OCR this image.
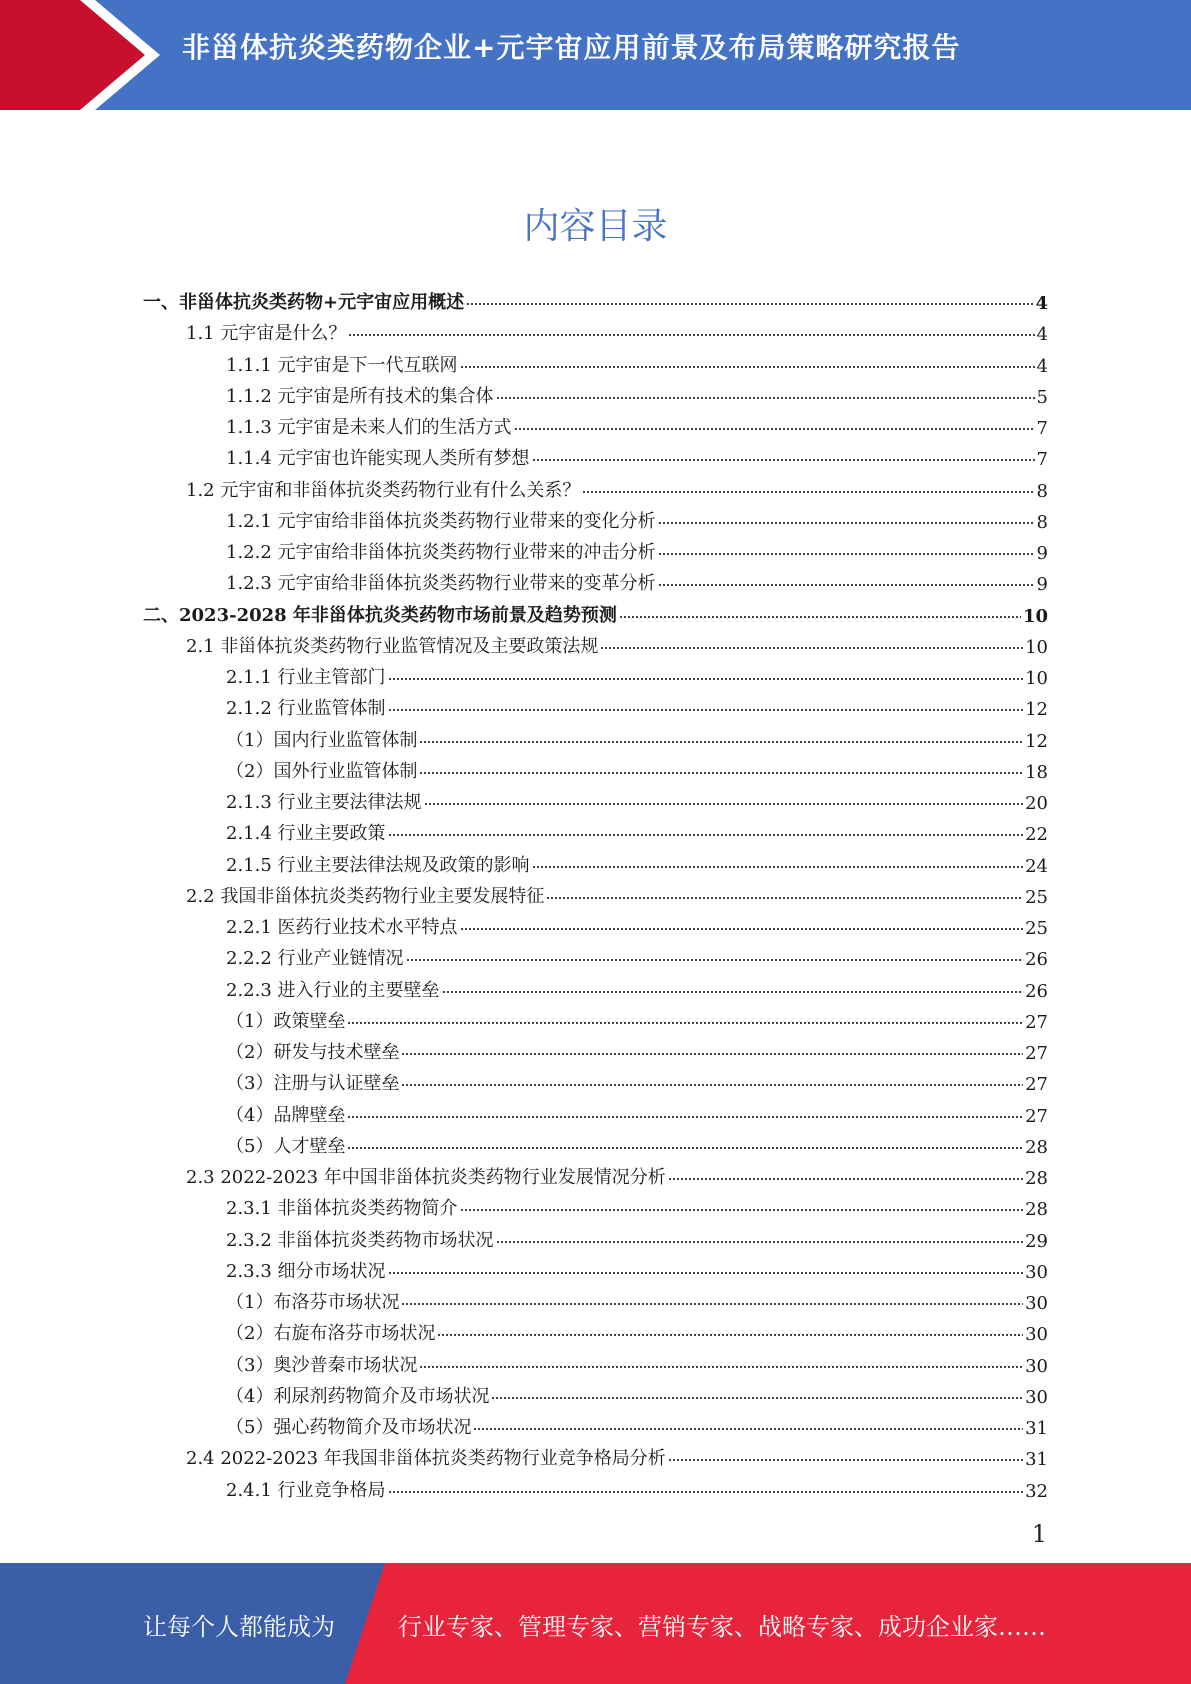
非甾体抗炎类药物企业+元宇宙应用前景及布局策略研究报告
内容目录
一、非甾体抗炎类药物+元宇宙应用概述	4
1.1 元宇宙是什么？	4
1.1.1 元宇宙是下一代互联网	4
1.1.2 元宇宙是所有技术的集合体	5
1.1.3 元宇宙是未来人们的生活方式	7
1.1.4 元宇宙也许能实现人类所有梦想	7
1.2 元宇宙和非甾体抗炎类药物行业有什么关系？	8
1.2.1 元宇宙给非甾体抗炎类药物行业带来的变化分析	8
1.2.2 元宇宙给非甾体抗炎类药物行业带来的冲击分析	9
1.2.3 元宇宙给非甾体抗炎类药物行业带来的变革分析	9
二、2023-2028 年非甾体抗炎类药物市场前景及趋势预测	10
2.1 非甾体抗炎类药物行业监管情况及主要政策法规	10
2.1.1 行业主管部门	10
2.1.2 行业监管体制	12
（1）国内行业监管体制	12
（2）国外行业监管体制	18
2.1.3 行业主要法律法规	20
2.1.4 行业主要政策	22
2.1.5 行业主要法律法规及政策的影响	24
2.2 我国非甾体抗炎类药物行业主要发展特征	25
2.2.1 医药行业技术水平特点	25
2.2.2 行业产业链情况	26
2.2.3 进入行业的主要壁垒	26
（1）政策壁垒	27
（2）研发与技术壁垒	27
（3）注册与认证壁垒	27
（4）品牌壁垒	27
（5）人才壁垒	28
2.3 2022-2023 年中国非甾体抗炎类药物行业发展情况分析	28
2.3.1 非甾体抗炎类药物简介	28
2.3.2 非甾体抗炎类药物市场状况	29
2.3.3 细分市场状况	30
（1）布洛芬市场状况	30
（2）右旋布洛芬市场状况	30
（3）奥沙普秦市场状况	30
（4）利尿剂药物简介及市场状况	30
（5）强心药物简介及市场状况	31
2.4 2022-2023 年我国非甾体抗炎类药物行业竞争格局分析	31
2.4.1 行业竞争格局	32
1
让每个人都能成为	行业专家、管理专家、营销专家、战略专家、成功企业家……
